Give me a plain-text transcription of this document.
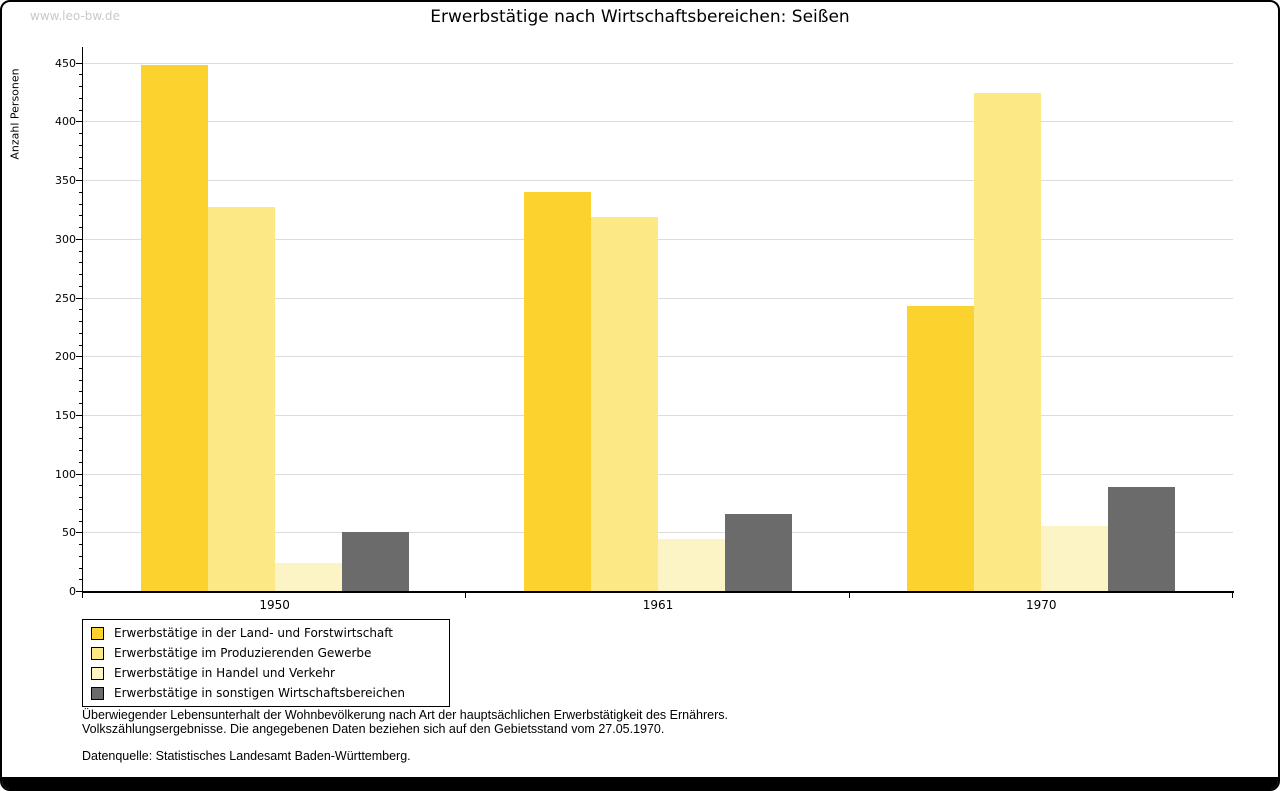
www.leo-bw.de	Erwerbstätige nach Wirtschaftsbereichen: Seißen
Anzahl Personen
1950	1961	1970
0
50
100
150
200
250
300
350
400
450
Erwerbstätige in der Land- und Forstwirtschaft
Erwerbstätige im Produzierenden Gewerbe
Erwerbstätige in Handel und Verkehr
Erwerbstätige in sonstigen Wirtschaftsbereichen
Überwiegender Lebensunterhalt der Wohnbevölkerung nach Art der hauptsächlichen Erwerbstätigkeit des Ernährers.
Volkszählungsergebnisse. Die angegebenen Daten beziehen sich auf den Gebietsstand vom 27.05.1970.
Datenquelle: Statistisches Landesamt Baden-Württemberg.
